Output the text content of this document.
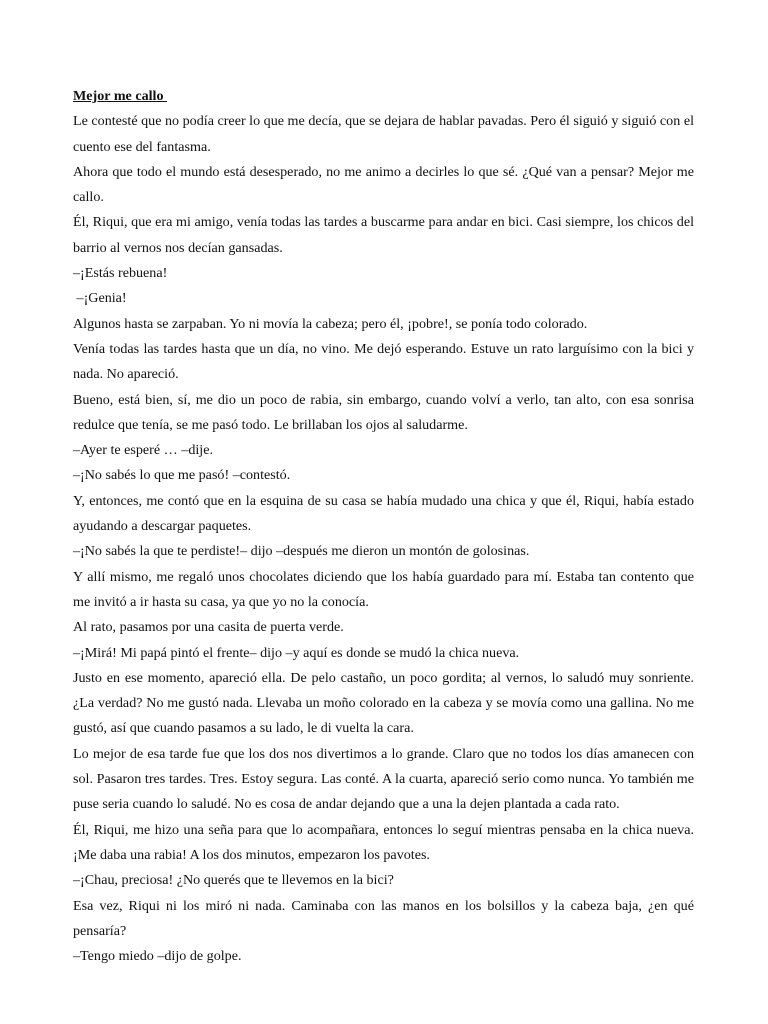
Mejor me callo

Le contesté que no podía creer lo que me decía, que se dejara de hablar pavadas. Pero él siguió y siguió con el cuento ese del fantasma.

Ahora que todo el mundo está desesperado, no me animo a decirles lo que sé. ¿Qué van a pensar? Mejor me callo.

Él, Riqui, que era mi amigo, venía todas las tardes a buscarme para andar en bici. Casi siempre, los chicos del barrio al vernos nos decían gansadas.

–¡Estás rebuena!

–¡Genia!

Algunos hasta se zarpaban. Yo ni movía la cabeza; pero él, ¡pobre!, se ponía todo colorado.

Venía todas las tardes hasta que un día, no vino. Me dejó esperando. Estuve un rato larguísimo con la bici y nada. No apareció.

Bueno, está bien, sí, me dio un poco de rabia, sin embargo, cuando volví a verlo, tan alto, con esa sonrisa redulce que tenía, se me pasó todo. Le brillaban los ojos al saludarme.

–Ayer te esperé … –dije.

–¡No sabés lo que me pasó! –contestó.

Y, entonces, me contó que en la esquina de su casa se había mudado una chica y que él, Riqui, había estado ayudando a descargar paquetes.

–¡No sabés la que te perdiste!– dijo –después me dieron un montón de golosinas.

Y allí mismo, me regaló unos chocolates diciendo que los había guardado para mí. Estaba tan contento que me invitó a ir hasta su casa, ya que yo no la conocía.

Al rato, pasamos por una casita de puerta verde.

–¡Mirá! Mi papá pintó el frente– dijo –y aquí es donde se mudó la chica nueva.

Justo en ese momento, apareció ella. De pelo castaño, un poco gordita; al vernos, lo saludó muy sonriente. ¿La verdad? No me gustó nada. Llevaba un moño colorado en la cabeza y se movía como una gallina. No me gustó, así que cuando pasamos a su lado, le di vuelta la cara.

Lo mejor de esa tarde fue que los dos nos divertimos a lo grande. Claro que no todos los días amanecen con sol. Pasaron tres tardes. Tres. Estoy segura. Las conté. A la cuarta, apareció serio como nunca. Yo también me puse seria cuando lo saludé. No es cosa de andar dejando que a una la dejen plantada a cada rato.

Él, Riqui, me hizo una seña para que lo acompañara, entonces lo seguí mientras pensaba en la chica nueva. ¡Me daba una rabia! A los dos minutos, empezaron los pavotes.

–¡Chau, preciosa! ¿No querés que te llevemos en la bici?

Esa vez, Riqui ni los miró ni nada. Caminaba con las manos en los bolsillos y la cabeza baja, ¿en qué pensaría?

–Tengo miedo –dijo de golpe.
